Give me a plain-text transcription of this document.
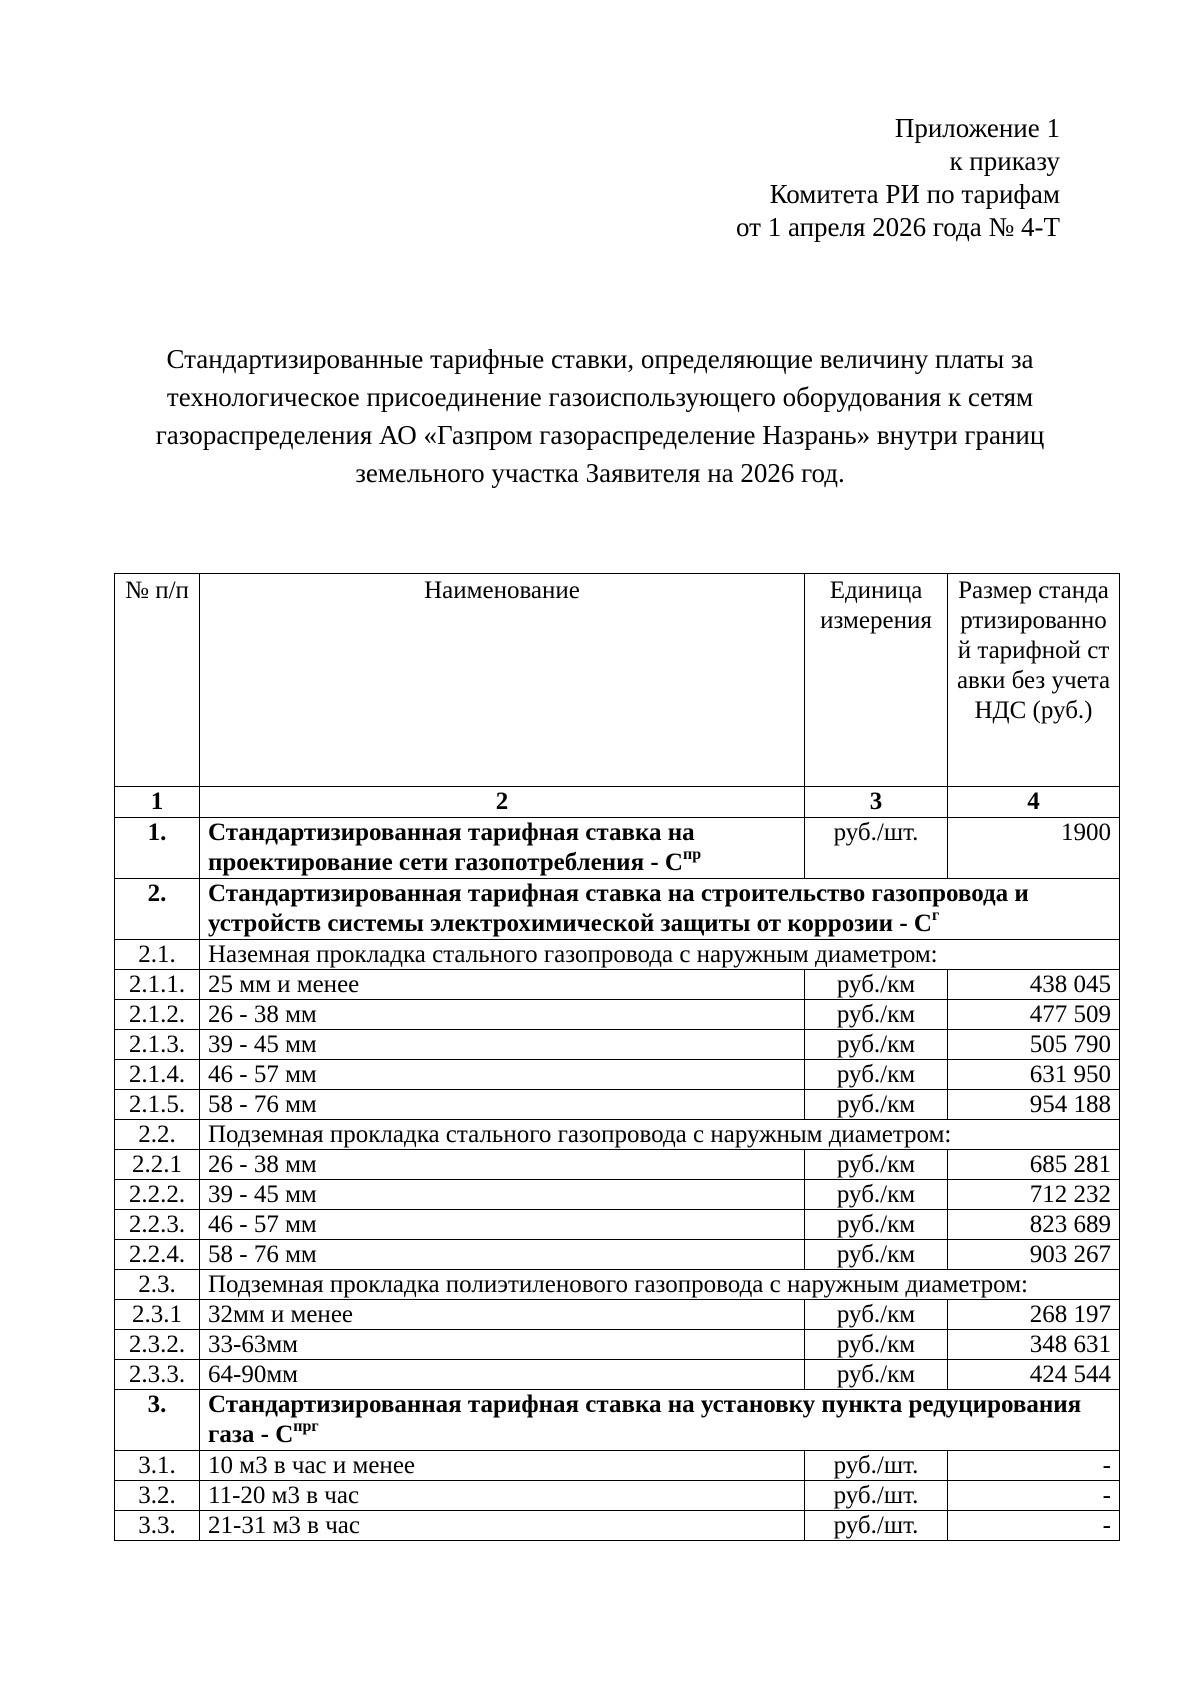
Приложение 1
к приказу
Комитета РИ по тарифам
от 1 апреля 2026 года № 4-Т
Стандартизированные тарифные ставки, определяющие величину платы за
технологическое присоединение газоиспользующего оборудования к сетям
газораспределения АО «Газпром газораспределение Назрань» внутри границ
земельного участка Заявителя на 2026 год.
№ п/п	Наименование	Единица измерения	Размер стандартизированной тарифной ставки без учета НДС (руб.)
1	2	3	4
1.	Стандартизированная тарифная ставка на проектирование сети газопотребления - $С^{пр}$	руб./шт.	1900
2.	Стандартизированная тарифная ставка на строительство газопровода и устройств системы электрохимической защиты от коррозии - $С^г$
2.1.	Наземная прокладка стального газопровода с наружным диаметром:		
2.1.1.	25 мм и менее	руб./км	438 045
2.1.2.	26 - 38 мм	руб./км	477 509
2.1.3.	39 - 45 мм	руб./км	505 790
2.1.4.	46 - 57 мм	руб./км	631 950
2.1.5.	58 - 76 мм	руб./км	954 188
2.2.	Подземная прокладка стального газопровода с наружным диаметром:		
2.2.1	26 - 38 мм	руб./км	685 281
2.2.2.	39 - 45 мм	руб./км	712 232
2.2.3.	46 - 57 мм	руб./км	823 689
2.2.4.	58 - 76 мм	руб./км	903 267
2.3.	Подземная прокладка полиэтиленового газопровода с наружным диаметром:		
2.3.1	32мм и менее	руб./км	268 197
2.3.2.	33-63мм	руб./км	348 631
2.3.3.	64-90мм	руб./км	424 544
3.	Стандартизированная тарифная ставка на установку пункта редуцирования газа - $С^{прг}$
3.1.	10 м3 в час и менее	руб./шт.	-
3.2.	11-20 м3 в час	руб./шт.	-
3.3.	21-31 м3 в час	руб./шт.	-
